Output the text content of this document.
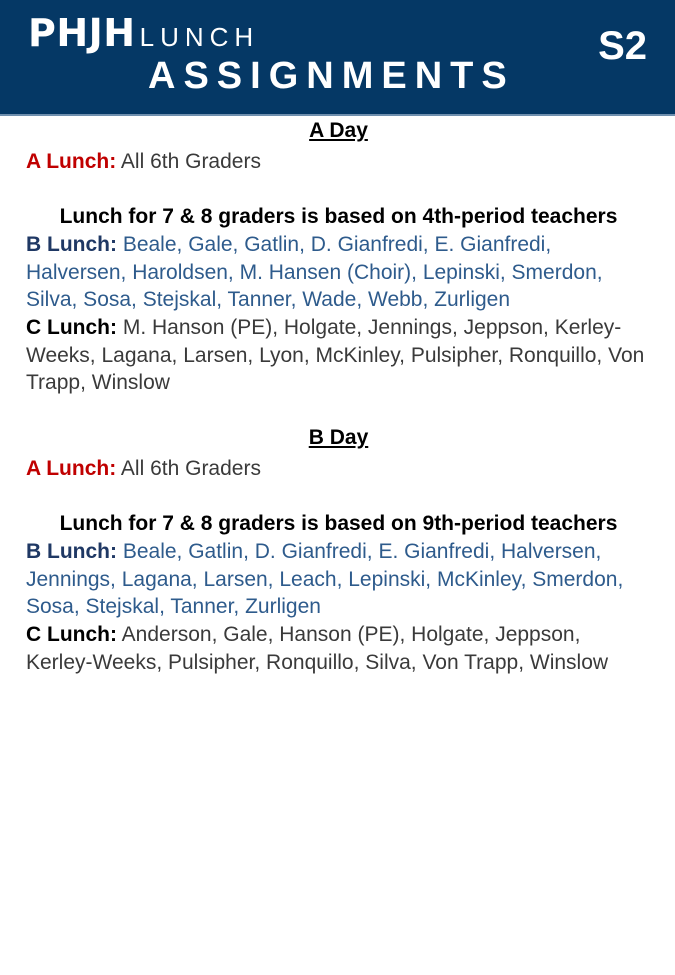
PHJH LUNCH
ASSIGNMENTS
S2
A Day

A Lunch: All 6th Graders

Lunch for 7 & 8 graders is based on 4th-period teachers

B Lunch: Beale, Gale, Gatlin, D. Gianfredi, E. Gianfredi, Halversen, Haroldsen, M. Hansen (Choir), Lepinski, Smerdon, Silva, Sosa, Stejskal, Tanner, Wade, Webb, Zurligen

C Lunch: M. Hanson (PE), Holgate, Jennings, Jeppson, Kerley-Weeks, Lagana, Larsen, Lyon, McKinley, Pulsipher, Ronquillo, Von Trapp, Winslow

B Day

A Lunch: All 6th Graders

Lunch for 7 & 8 graders is based on 9th-period teachers

B Lunch: Beale, Gatlin, D. Gianfredi, E. Gianfredi, Halversen, Jennings, Lagana, Larsen, Leach, Lepinski, McKinley, Smerdon, Sosa, Stejskal, Tanner, Zurligen

C Lunch: Anderson, Gale, Hanson (PE), Holgate, Jeppson, Kerley-Weeks, Pulsipher, Ronquillo, Silva, Von Trapp, Winslow
